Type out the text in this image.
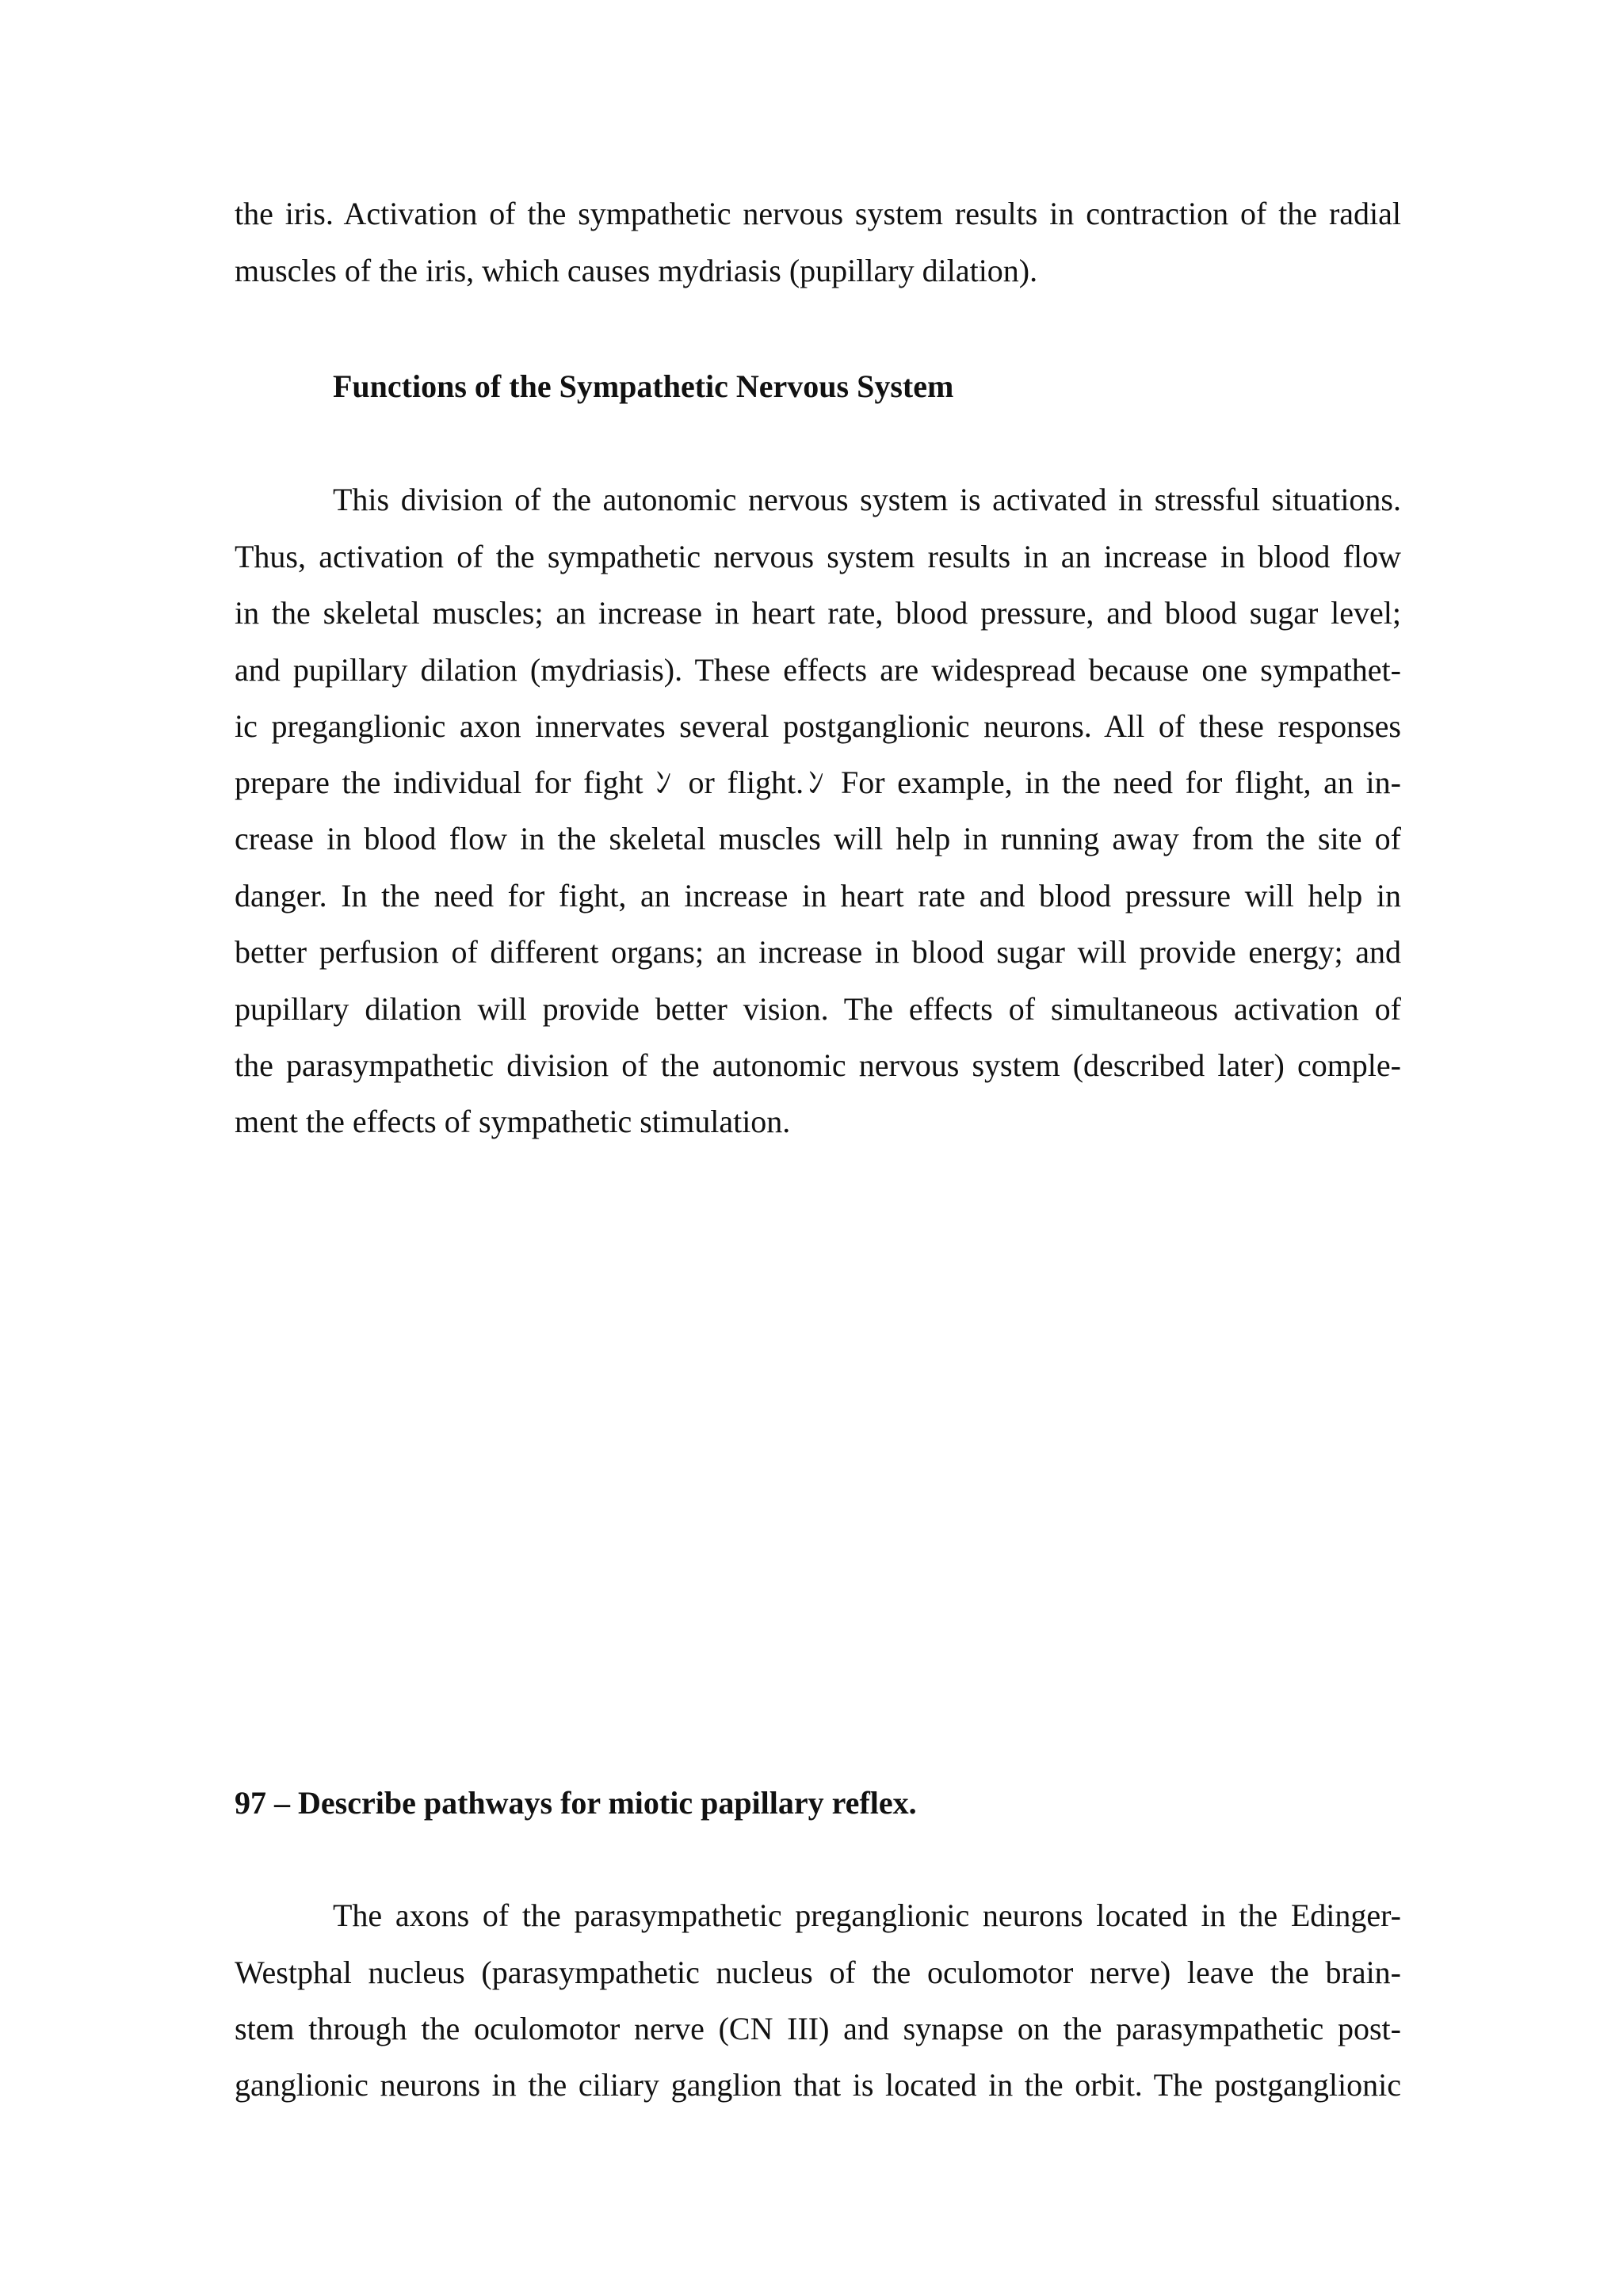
the iris. Activation of the sympathetic nervous system results in contraction of the radial

muscles of the iris, which causes mydriasis (pupillary dilation).

Functions of the Sympathetic Nervous System

This division of the autonomic nervous system is activated in stressful situations.

Thus, activation of the sympathetic nervous system results in an increase in blood flow

in the skeletal muscles; an increase in heart rate, blood pressure, and blood sugar level;

and pupillary dilation (mydriasis). These effects are widespread because one sympathet-

ic preganglionic axon innervates several postganglionic neurons. All of these responses

prepare the individual for fight ﾝ or flight.ﾝ For example, in the need for flight, an in-

crease in blood flow in the skeletal muscles will help in running away from the site of

danger. In the need for fight, an increase in heart rate and blood pressure will help in

better perfusion of different organs; an increase in blood sugar will provide energy; and

pupillary dilation will provide better vision. The effects of simultaneous activation of

the parasympathetic division of the autonomic nervous system (described later) comple-

ment the effects of sympathetic stimulation.

97 – Describe pathways for miotic papillary reflex.

The axons of the parasympathetic preganglionic neurons located in the Edinger-

Westphal nucleus (parasympathetic nucleus of the oculomotor nerve) leave the brain-

stem through the oculomotor nerve (CN III) and synapse on the parasympathetic post-

ganglionic neurons in the ciliary ganglion that is located in the orbit. The postganglionic
